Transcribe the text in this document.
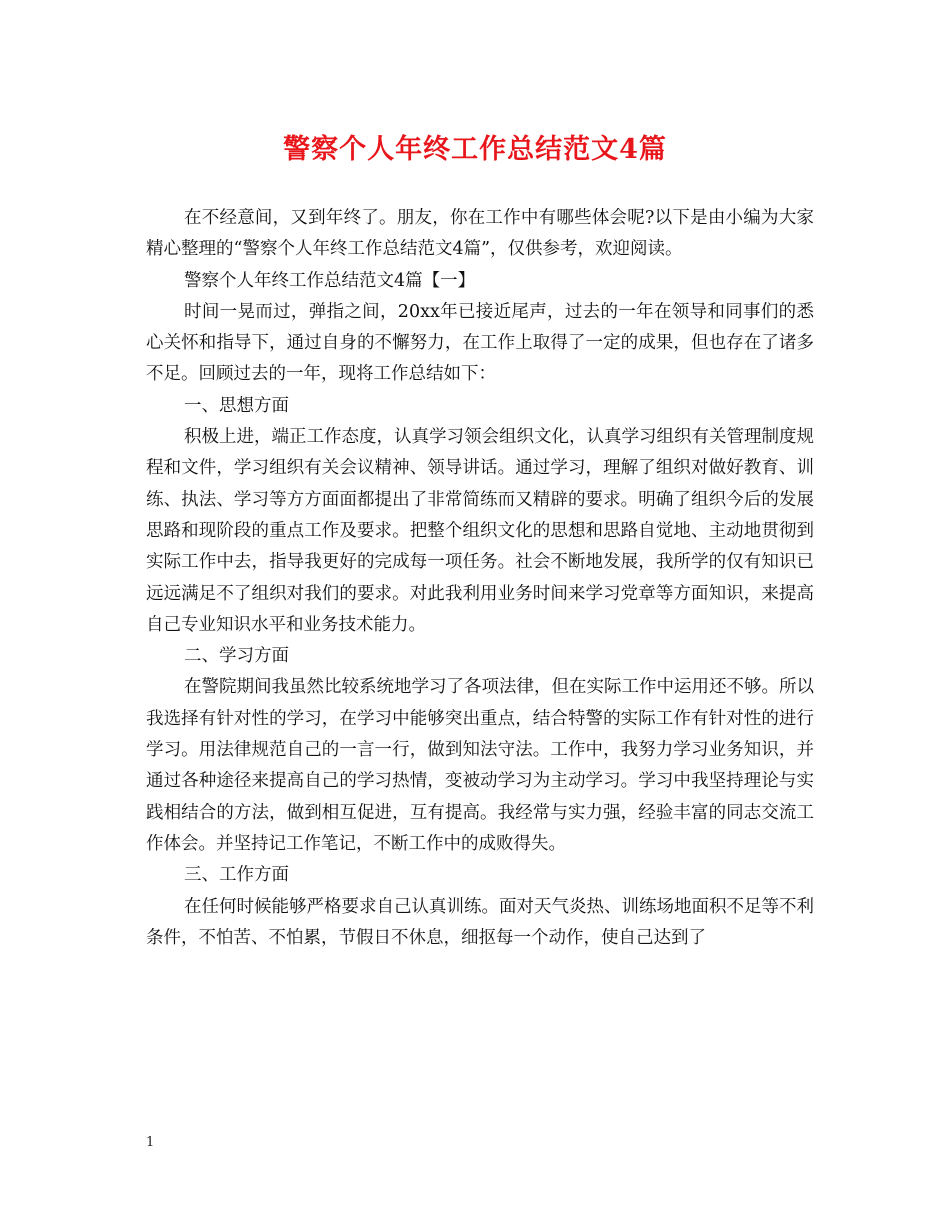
警察个人年终工作总结范文4篇

在不经意间，又到年终了。朋友，你在工作中有哪些体会呢?以下是由小编为大家精心整理的“警察个人年终工作总结范文4篇”，仅供参考，欢迎阅读。

警察个人年终工作总结范文4篇【一】

时间一晃而过，弹指之间，20xx年已接近尾声，过去的一年在领导和同事们的悉心关怀和指导下，通过自身的不懈努力，在工作上取得了一定的成果，但也存在了诸多不足。回顾过去的一年，现将工作总结如下：

一、思想方面

积极上进，端正工作态度，认真学习领会组织文化，认真学习组织有关管理制度规程和文件，学习组织有关会议精神、领导讲话。通过学习，理解了组织对做好教育、训练、执法、学习等方方面面都提出了非常简练而又精辟的要求。明确了组织今后的发展思路和现阶段的重点工作及要求。把整个组织文化的思想和思路自觉地、主动地贯彻到实际工作中去，指导我更好的完成每一项任务。社会不断地发展，我所学的仅有知识已远远满足不了组织对我们的要求。对此我利用业务时间来学习党章等方面知识，来提高自己专业知识水平和业务技术能力。

二、学习方面

在警院期间我虽然比较系统地学习了各项法律，但在实际工作中运用还不够。所以我选择有针对性的学习，在学习中能够突出重点，结合特警的实际工作有针对性的进行学习。用法律规范自己的一言一行，做到知法守法。工作中，我努力学习业务知识，并通过各种途径来提高自己的学习热情，变被动学习为主动学习。学习中我坚持理论与实践相结合的方法，做到相互促进，互有提高。我经常与实力强，经验丰富的同志交流工作体会。并坚持记工作笔记，不断工作中的成败得失。

三、工作方面

在任何时候能够严格要求自己认真训练。面对天气炎热、训练场地面积不足等不利条件，不怕苦、不怕累，节假日不休息，细抠每一个动作，使自己达到了

1
